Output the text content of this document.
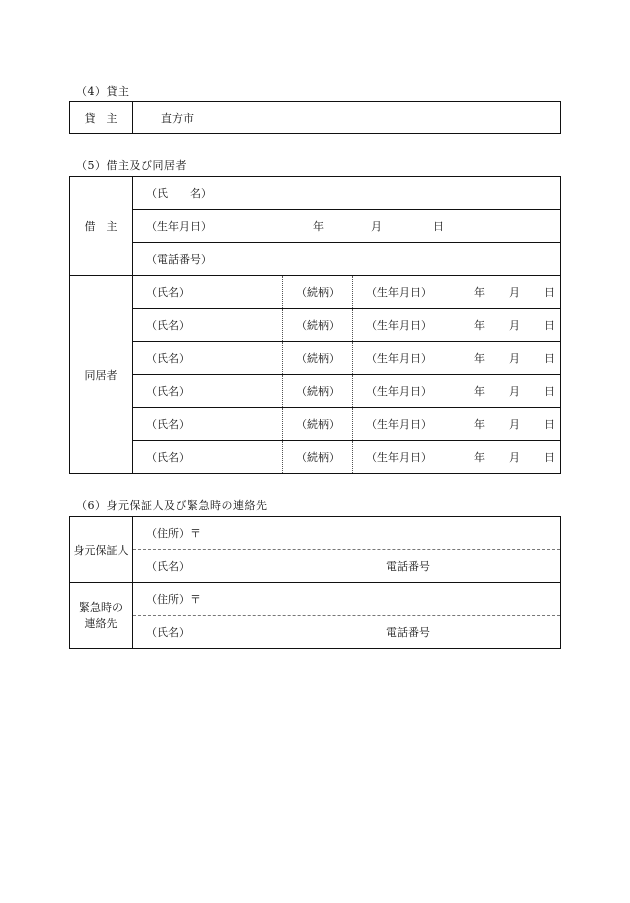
（4）貸主
貸　主	直方市
（5）借主及び同居者
借　主	（氏　　名）		

	（生年月日） 年 月 日		

	（電話番号）		
同居者	（氏名）	（続柄）	（生年月日） 年 月 日

	（氏名）	（続柄）	（生年月日） 年 月 日

	（氏名）	（続柄）	（生年月日） 年 月 日

	（氏名）	（続柄）	（生年月日） 年 月 日

	（氏名）	（続柄）	（生年月日） 年 月 日

	（氏名）	（続柄）	（生年月日） 年 月 日
（6）身元保証人及び緊急時の連絡先
身元保証人	（住所）〒

	（氏名） 電話番号

緊急時の
連絡先	（住所）〒

	（氏名） 電話番号
